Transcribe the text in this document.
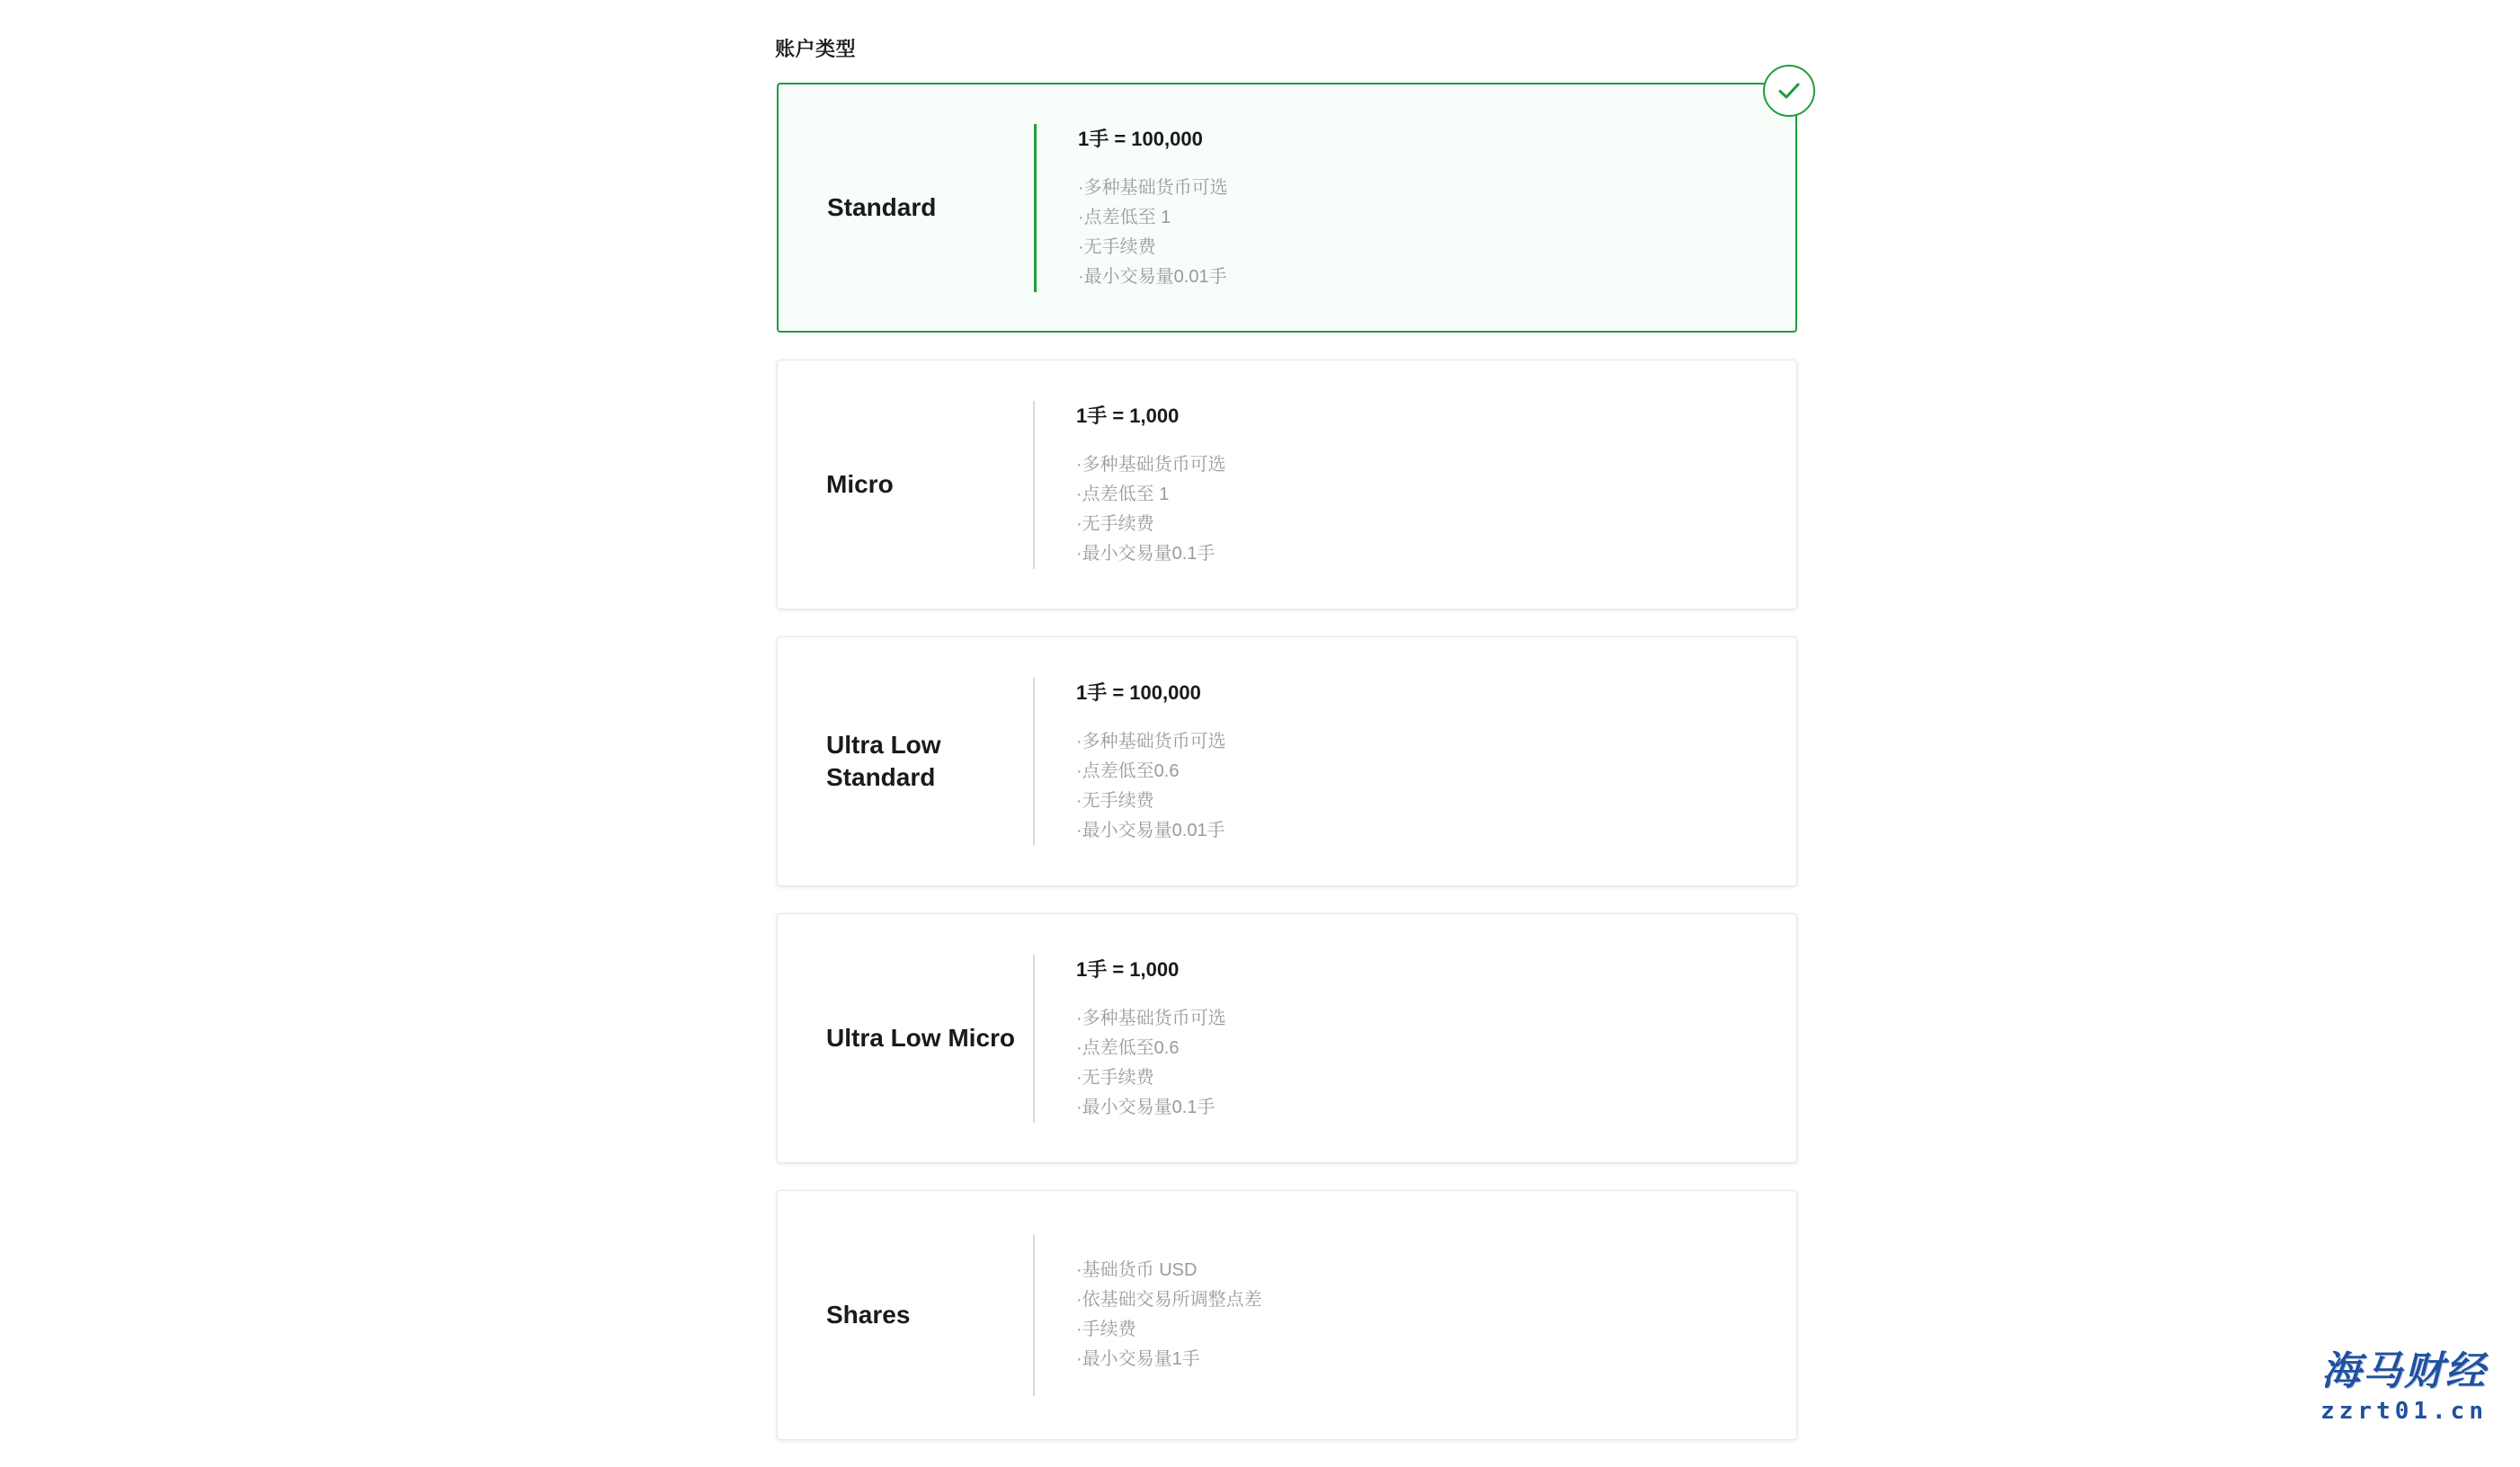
账户类型
Standard
1手 = 100,000
·多种基础货币可选
·点差低至 1
·无手续费
·最小交易量0.01手
Micro
1手 = 1,000
·多种基础货币可选
·点差低至 1
·无手续费
·最小交易量0.1手
Ultra Low Standard
1手 = 100,000
·多种基础货币可选
·点差低至0.6
·无手续费
·最小交易量0.01手
Ultra Low Micro
1手 = 1,000
·多种基础货币可选
·点差低至0.6
·无手续费
·最小交易量0.1手
Shares
·基础货币 USD
·依基础交易所调整点差
·手续费
·最小交易量1手	海马财经
zzrt01.cn
